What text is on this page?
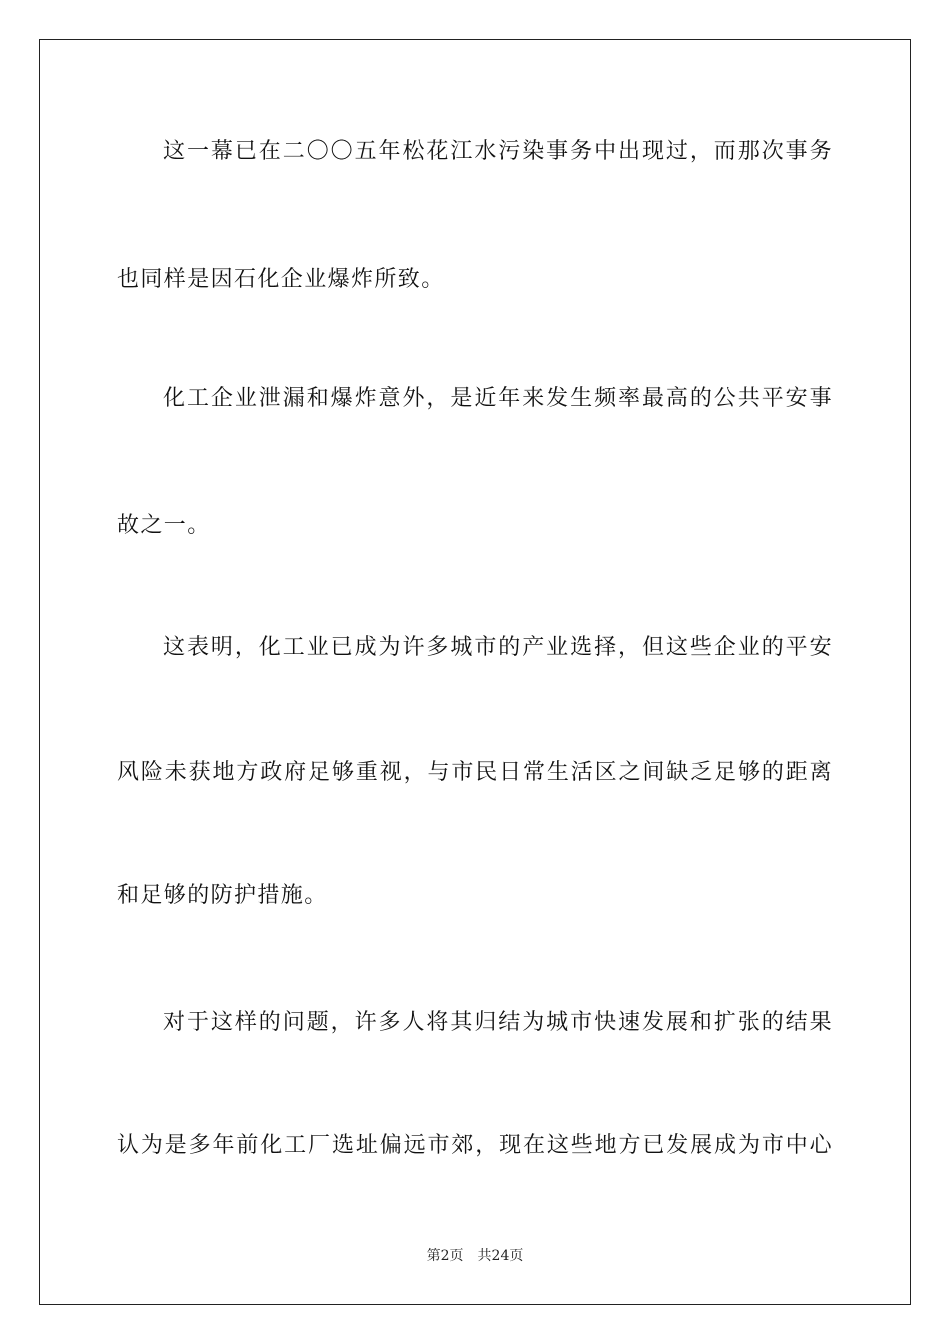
这一幕已在二〇〇五年松花江水污染事务中出现过，而那次事务
也同样是因石化企业爆炸所致。
化工企业泄漏和爆炸意外，是近年来发生频率最高的公共平安事
故之一。
这表明，化工业已成为许多城市的产业选择，但这些企业的平安
风险未获地方政府足够重视，与市民日常生活区之间缺乏足够的距离
和足够的防护措施。
对于这样的问题，许多人将其归结为城市快速发展和扩张的结果
认为是多年前化工厂选址偏远市郊，现在这些地方已发展成为市中心
第2页 共24页
